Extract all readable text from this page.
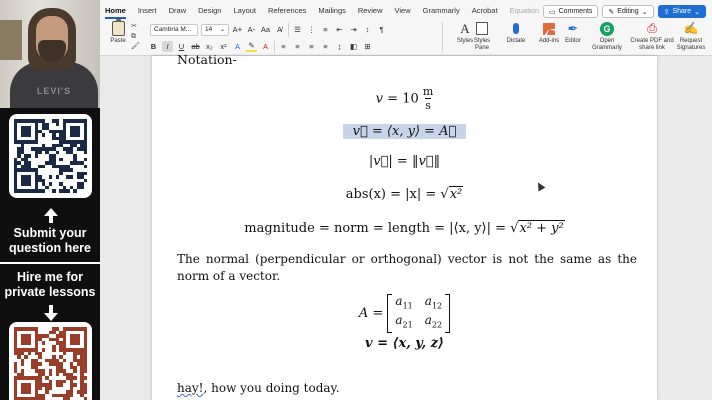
LEVI'S
Submit your question here
Hire me for private lessons
Home Insert Draw Design Layout References Mailings Review View Grammarly Acrobat Equation ▭ Comments ✎ Editing ⌄ ⇪ Share ⌄
Paste
✂
⧉
🖌
Cambria M... 14 ⌄ A + A - Aa A̸	☰ ⋮	≡	⇤	⇥	↕	¶
B	I	U ab x₂	x²	A	✎	A	≡	≡	≡	≡	↨	◧ ⊞
A
Styles Styles Pane
Dictate	Add-ins
✒
Editor
G
Open Grammarly
⎙
Create PDF and share link
✍
Request Signatures
Notation-
$v = 10 \frac{m}{s}$
v⃗ = ⟨x, y⟩ = A⃗
|v⃗| = ‖v⃗‖
abs(x) = |x| = √x²
magnitude = norm = length = |⟨x, y⟩| = √x² + y²
The normal (perpendicular or orthogonal) vector is not the same as the norm of a vector.
A =
$a_{11}$ $a_{12}$
$a_{21}$ $a_{22}$
v = ⟨x, y, z⟩
hay!, how you doing today.
